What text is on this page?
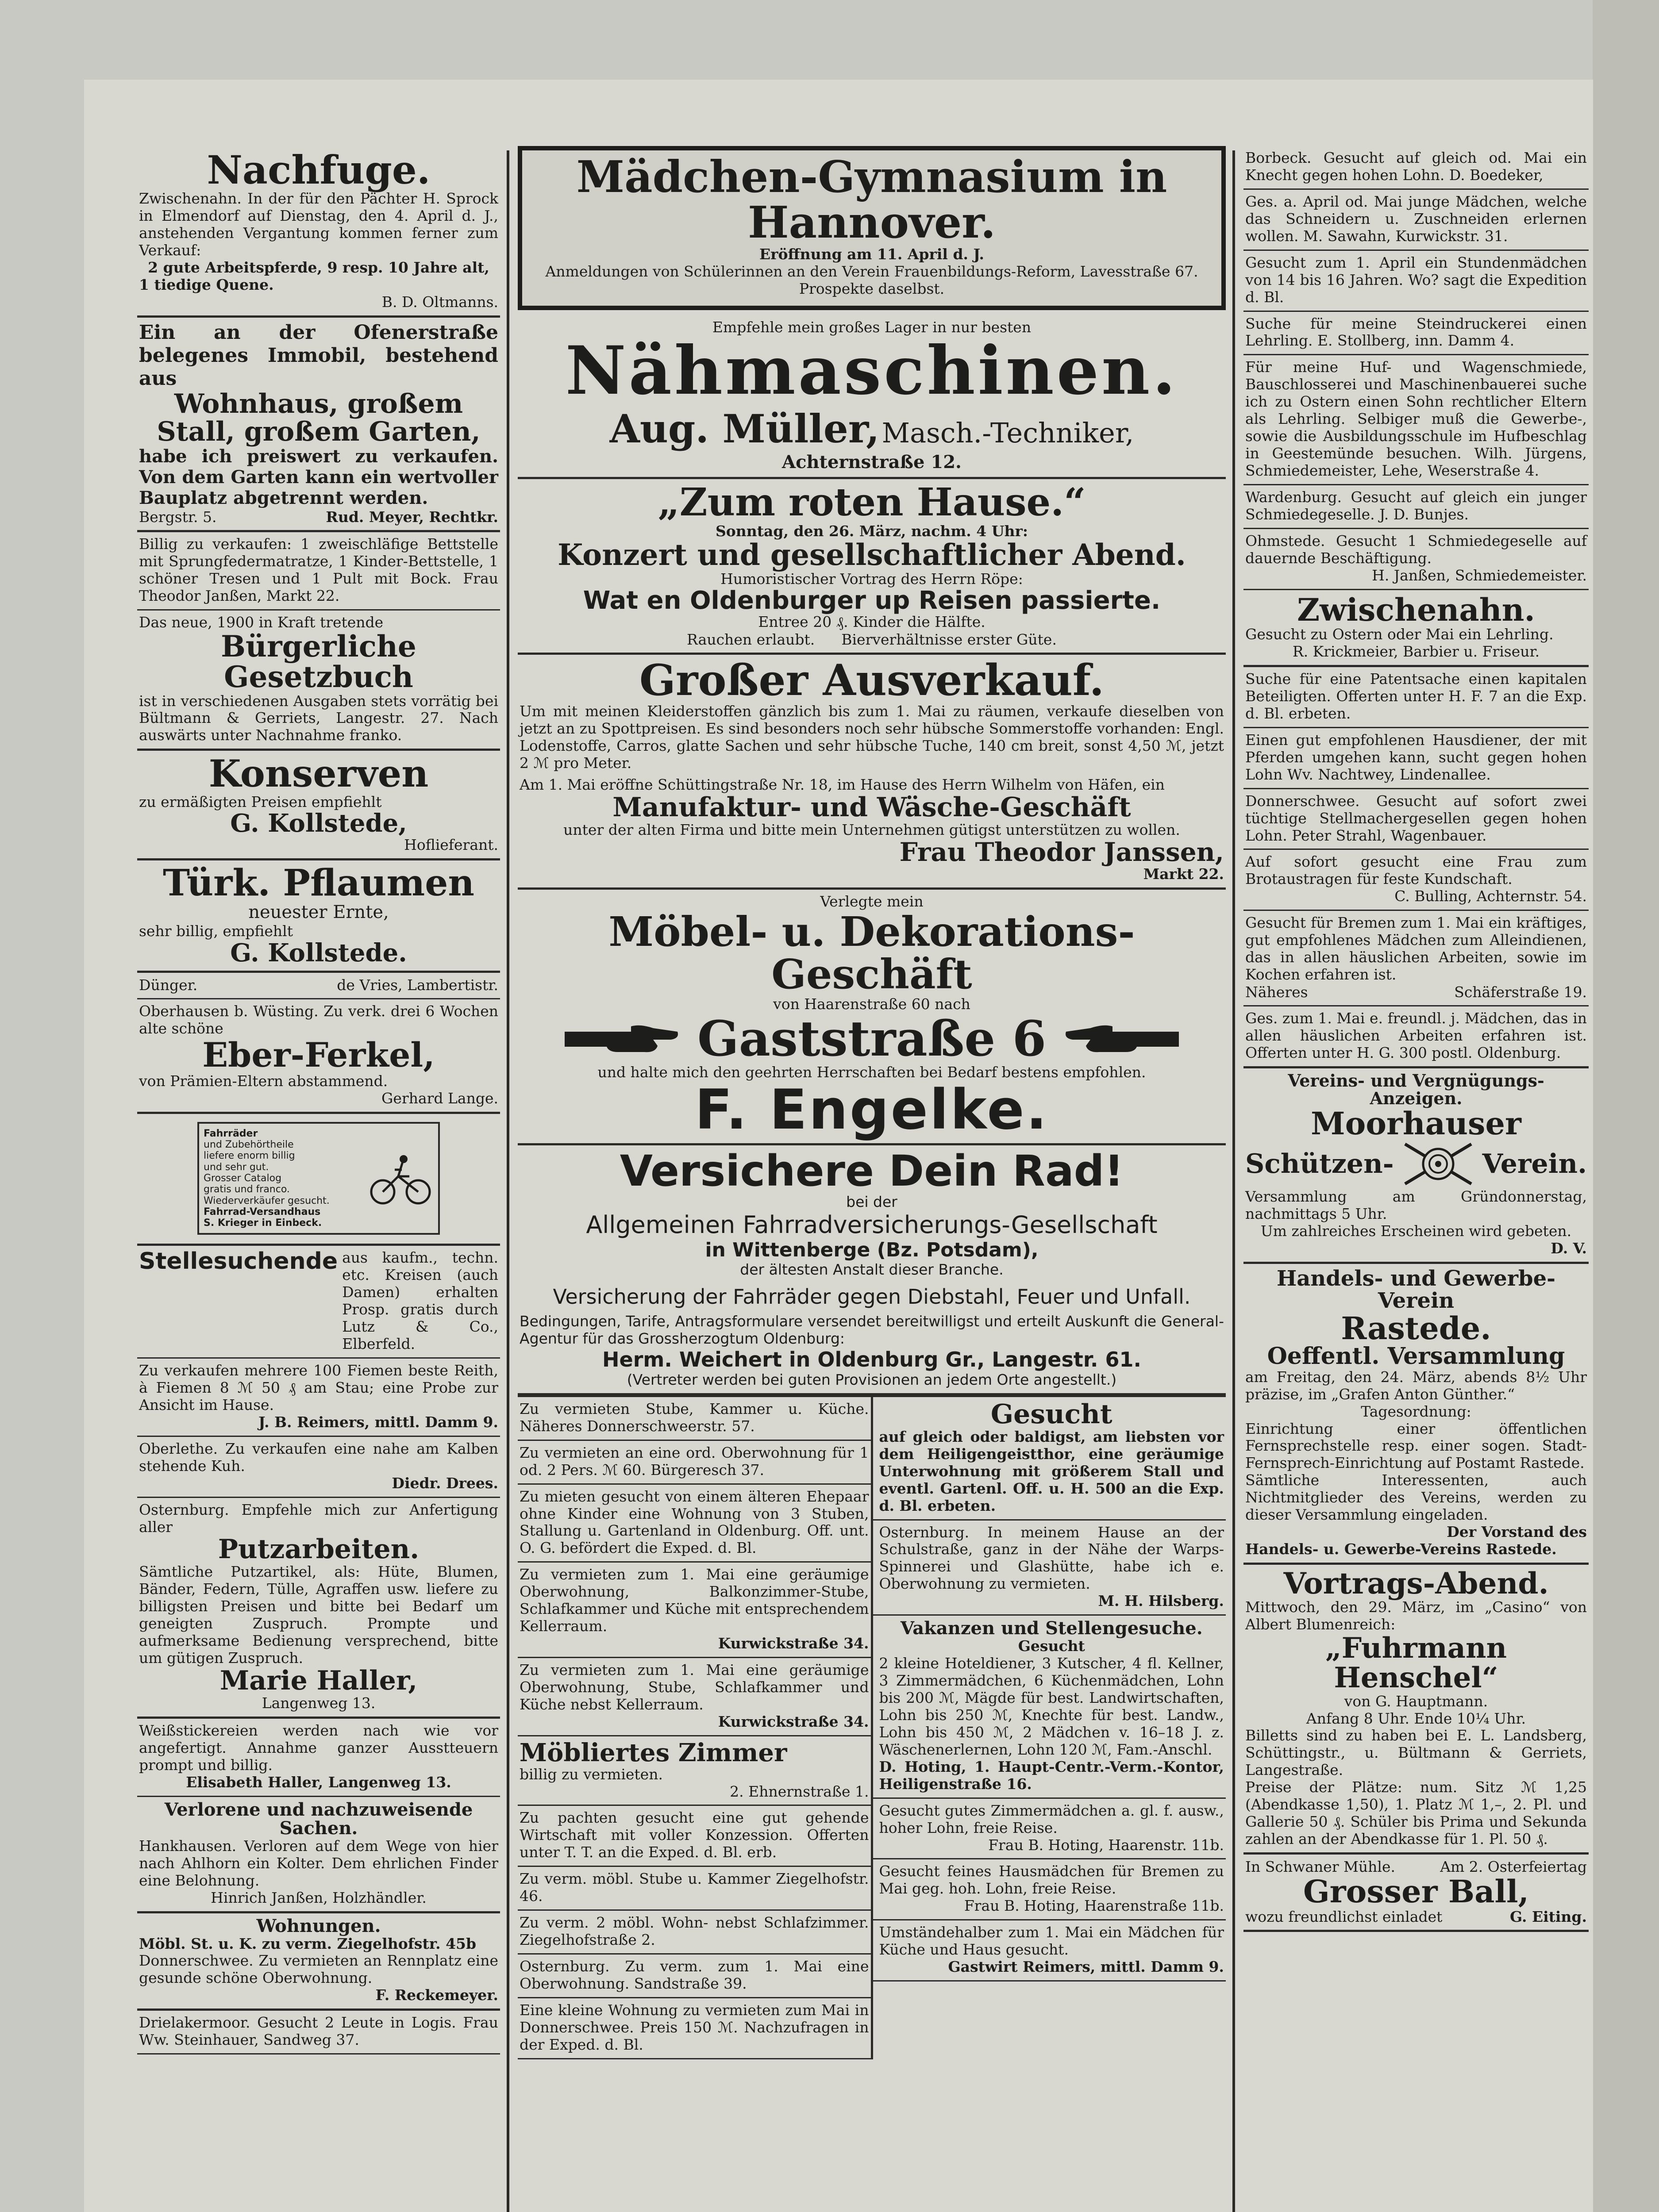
Nachfuge.
Zwischenahn. In der für den Pächter H. Sprock in Elmendorf auf Dienstag, den 4. April d. J., anstehenden Vergantung kommen ferner zum Verkauf:
2 gute Arbeitspferde, 9 resp. 10 Jahre alt,
1 tiedige Quene.
B. D. Oltmanns.
Ein an der Ofenerstraße belegenes Immobil, bestehend aus
Wohnhaus, großem Stall, großem Garten,
habe ich preiswert zu verkaufen. Von dem Garten kann ein wertvoller Bauplatz abgetrennt werden.
Bergstr. 5.	Rud. Meyer, Rechtkr.
Billig zu verkaufen: 1 zweischläfige Bettstelle mit Sprungfedermatratze, 1 Kinder-Bettstelle, 1 schöner Tresen und 1 Pult mit Bock. Frau Theodor Janßen, Markt 22.
Das neue, 1900 in Kraft tretende
Bürgerliche Gesetzbuch
ist in verschiedenen Ausgaben stets vorrätig bei Bültmann & Gerriets, Langestr. 27. Nach auswärts unter Nachnahme franko.
Konserven
zu ermäßigten Preisen empfiehlt
G. Kollstede,
Hoflieferant.
Türk. Pflaumen
neuester Ernte,
sehr billig, empfiehlt
G. Kollstede.
Dünger.	de Vries, Lambertistr.
Oberhausen b. Wüsting. Zu verk. drei 6 Wochen alte schöne
Eber-Ferkel,
von Prämien-Eltern abstammend.
Gerhard Lange.
Fahrräder
und Zubehörtheile
liefere enorm billig
und sehr gut.
Grosser Catalog
gratis und franco.
Wiederverkäufer gesucht.
Fahrrad-Versandhaus
S. Krieger in Einbeck.
Stellesuchende aus kaufm., techn. etc. Kreisen (auch Damen) erhalten Prosp. gratis durch Lutz & Co., Elberfeld.
Zu verkaufen mehrere 100 Fiemen beste Reith, à Fiemen 8 ℳ 50 ₰ am Stau; eine Probe zur Ansicht im Hause.
J. B. Reimers, mittl. Damm 9.
Oberlethe. Zu verkaufen eine nahe am Kalben stehende Kuh.
Diedr. Drees.
Osternburg. Empfehle mich zur Anfertigung aller
Putzarbeiten.
Sämtliche Putzartikel, als: Hüte, Blumen, Bänder, Federn, Tülle, Agraffen usw. liefere zu billigsten Preisen und bitte bei Bedarf um geneigten Zuspruch. Prompte und aufmerksame Bedienung versprechend, bitte um gütigen Zuspruch.
Marie Haller,
Langenweg 13.
Weißstickereien werden nach wie vor angefertigt. Annahme ganzer Ausstteuern prompt und billig.
Elisabeth Haller, Langenweg 13.
Verlorene und nachzuweisende Sachen.
Hankhausen. Verloren auf dem Wege von hier nach Ahlhorn ein Kolter. Dem ehrlichen Finder eine Belohnung.
Hinrich Janßen, Holzhändler.
Wohnungen.
Möbl. St. u. K. zu verm. Ziegelhofstr. 45b
Donnerschwee. Zu vermieten an Rennplatz eine gesunde schöne Oberwohnung.
F. Reckemeyer.
Drielakermoor. Gesucht 2 Leute in Logis. Frau Ww. Steinhauer, Sandweg 37.
Mädchen-Gymnasium in Hannover.
Eröffnung am 11. April d. J.
Anmeldungen von Schülerinnen an den Verein Frauenbildungs-Reform, Lavesstraße 67.
Prospekte daselbst.
Empfehle mein großes Lager in nur besten
Nähmaschinen.
Aug. Müller, Masch.-Techniker,
Achternstraße 12.
„Zum roten Hause.“
Sonntag, den 26. März, nachm. 4 Uhr:
Konzert und gesellschaftlicher Abend.
Humoristischer Vortrag des Herrn Röpe:
Wat en Oldenburger up Reisen passierte.
Entree 20 ₰. Kinder die Hälfte.
Rauchen erlaubt. Bierverhältnisse erster Güte.
Großer Ausverkauf.
Um mit meinen Kleiderstoffen gänzlich bis zum 1. Mai zu räumen, verkaufe dieselben von jetzt an zu Spottpreisen. Es sind besonders noch sehr hübsche Sommerstoffe vorhanden: Engl. Lodenstoffe, Carros, glatte Sachen und sehr hübsche Tuche, 140 cm breit, sonst 4,50 ℳ, jetzt 2 ℳ pro Meter.
Am 1. Mai eröffne Schüttingstraße Nr. 18, im Hause des Herrn Wilhelm von Häfen, ein
Manufaktur- und Wäsche-Geschäft
unter der alten Firma und bitte mein Unternehmen gütigst unterstützen zu wollen.
Frau Theodor Janssen,
Markt 22.
Verlegte mein
Möbel- u. Dekorations-Geschäft
von Haarenstraße 60 nach
Gaststraße 6
und halte mich den geehrten Herrschaften bei Bedarf bestens empfohlen.
F. Engelke.
Versichere Dein Rad!
bei der
Allgemeinen Fahrradversicherungs-Gesellschaft
in Wittenberge (Bz. Potsdam),
der ältesten Anstalt dieser Branche.
Versicherung der Fahrräder gegen Diebstahl, Feuer und Unfall.
Bedingungen, Tarife, Antragsformulare versendet bereitwilligst und erteilt Auskunft die General-Agentur für das Grossherzogtum Oldenburg:
Herm. Weichert in Oldenburg Gr., Langestr. 61.
(Vertreter werden bei guten Provisionen an jedem Orte angestellt.)
Zu vermieten Stube, Kammer u. Küche. Näheres Donnerschweerstr. 57.
Zu vermieten an eine ord. Oberwohnung für 1 od. 2 Pers. ℳ 60. Bürgeresch 37.
Zu mieten gesucht von einem älteren Ehepaar ohne Kinder eine Wohnung von 3 Stuben, Stallung u. Gartenland in Oldenburg. Off. unt. O. G. befördert die Exped. d. Bl.
Zu vermieten zum 1. Mai eine geräumige Oberwohnung, Balkonzimmer-Stube, Schlafkammer und Küche mit entsprechendem Kellerraum.
Kurwickstraße 34.
Zu vermieten zum 1. Mai eine geräumige Oberwohnung, Stube, Schlafkammer und Küche nebst Kellerraum.
Kurwickstraße 34.
Möbliertes Zimmer
billig zu vermieten.
2. Ehnernstraße 1.
Zu pachten gesucht eine gut gehende Wirtschaft mit voller Konzession. Offerten unter T. T. an die Exped. d. Bl. erb.
Zu verm. möbl. Stube u. Kammer Ziegelhofstr. 46.
Zu verm. 2 möbl. Wohn- nebst Schlafzimmer. Ziegelhofstraße 2.
Osternburg. Zu verm. zum 1. Mai eine Oberwohnung. Sandstraße 39.
Eine kleine Wohnung zu vermieten zum Mai in Donnerschwee. Preis 150 ℳ. Nachzufragen in der Exped. d. Bl.
Gesucht
auf gleich oder baldigst, am liebsten vor dem Heiligengeistthor, eine geräumige Unterwohnung mit größerem Stall und eventl. Gartenl. Off. u. H. 500 an die Exp. d. Bl. erbeten.
Osternburg. In meinem Hause an der Schulstraße, ganz in der Nähe der Warps-Spinnerei und Glashütte, habe ich e. Oberwohnung zu vermieten.
M. H. Hilsberg.
Vakanzen und Stellengesuche.
Gesucht
2 kleine Hoteldiener, 3 Kutscher, 4 fl. Kellner, 3 Zimmermädchen, 6 Küchenmädchen, Lohn bis 200 ℳ, Mägde für best. Landwirtschaften, Lohn bis 250 ℳ, Knechte für best. Landw., Lohn bis 450 ℳ, 2 Mädchen v. 16–18 J. z. Wäschenerlernen, Lohn 120 ℳ, Fam.-Anschl.
D. Hoting, 1. Haupt-Centr.-Verm.-Kontor, Heiligenstraße 16.
Gesucht gutes Zimmermädchen a. gl. f. ausw., hoher Lohn, freie Reise.
Frau B. Hoting, Haarenstr. 11b.
Gesucht feines Hausmädchen für Bremen zu Mai geg. hoh. Lohn, freie Reise.
Frau B. Hoting, Haarenstraße 11b.
Umständehalber zum 1. Mai ein Mädchen für Küche und Haus gesucht.
Gastwirt Reimers, mittl. Damm 9.
Borbeck. Gesucht auf gleich od. Mai ein Knecht gegen hohen Lohn. D. Boedeker,
Ges. a. April od. Mai junge Mädchen, welche das Schneidern u. Zuschneiden erlernen wollen. M. Sawahn, Kurwickstr. 31.
Gesucht zum 1. April ein Stundenmädchen von 14 bis 16 Jahren. Wo? sagt die Expedition d. Bl.
Suche für meine Steindruckerei einen Lehrling. E. Stollberg, inn. Damm 4.
Für meine Huf- und Wagenschmiede, Bauschlosserei und Maschinenbauerei suche ich zu Ostern einen Sohn rechtlicher Eltern als Lehrling. Selbiger muß die Gewerbe-, sowie die Ausbildungsschule im Hufbeschlag in Geestemünde besuchen. Wilh. Jürgens, Schmiedemeister, Lehe, Weserstraße 4.
Wardenburg. Gesucht auf gleich ein junger Schmiedegeselle. J. D. Bunjes.
Ohmstede. Gesucht 1 Schmiedegeselle auf dauernde Beschäftigung.
H. Janßen, Schmiedemeister.
Zwischenahn.
Gesucht zu Ostern oder Mai ein Lehrling.
R. Krickmeier, Barbier u. Friseur.
Suche für eine Patentsache einen kapitalen Beteiligten. Offerten unter H. F. 7 an die Exp. d. Bl. erbeten.
Einen gut empfohlenen Hausdiener, der mit Pferden umgehen kann, sucht gegen hohen Lohn Wv. Nachtwey, Lindenallee.
Donnerschwee. Gesucht auf sofort zwei tüchtige Stellmachergesellen gegen hohen Lohn. Peter Strahl, Wagenbauer.
Auf sofort gesucht eine Frau zum Brotaustragen für feste Kundschaft.
C. Bulling, Achternstr. 54.
Gesucht für Bremen zum 1. Mai ein kräftiges, gut empfohlenes Mädchen zum Alleindienen, das in allen häuslichen Arbeiten, sowie im Kochen erfahren ist.
Näheres	Schäferstraße 19.
Ges. zum 1. Mai e. freundl. j. Mädchen, das in allen häuslichen Arbeiten erfahren ist. Offerten unter H. G. 300 postl. Oldenburg.
Vereins- und Vergnügungs-Anzeigen.
Moorhauser
Schützen-	Verein.
Versammlung am Gründonnerstag, nachmittags 5 Uhr.
Um zahlreiches Erscheinen wird gebeten.
D. V.
Handels- und Gewerbe-Verein
Rastede.
Oeffentl. Versammlung
am Freitag, den 24. März, abends 8½ Uhr präzise, im „Grafen Anton Günther.“
Tagesordnung:
Einrichtung einer öffentlichen Fernsprechstelle resp. einer sogen. Stadt-Fernsprech-Einrichtung auf Postamt Rastede.
Sämtliche Interessenten, auch Nichtmitglieder des Vereins, werden zu dieser Versammlung eingeladen.
Der Vorstand des
Handels- u. Gewerbe-Vereins Rastede.
Vortrags-Abend.
Mittwoch, den 29. März, im „Casino“ von Albert Blumenreich:
„Fuhrmann Henschel“
von G. Hauptmann.
Anfang 8 Uhr. Ende 10¼ Uhr.
Billetts sind zu haben bei E. L. Landsberg, Schüttingstr., u. Bültmann & Gerriets, Langestraße.
Preise der Plätze: num. Sitz ℳ 1,25 (Abendkasse 1,50), 1. Platz ℳ 1,–, 2. Pl. und Gallerie 50 ₰. Schüler bis Prima und Sekunda zahlen an der Abendkasse für 1. Pl. 50 ₰.
In Schwaner Mühle.	Am 2. Osterfeiertag
Grosser Ball,
wozu freundlichst einladet	G. Eiting.
